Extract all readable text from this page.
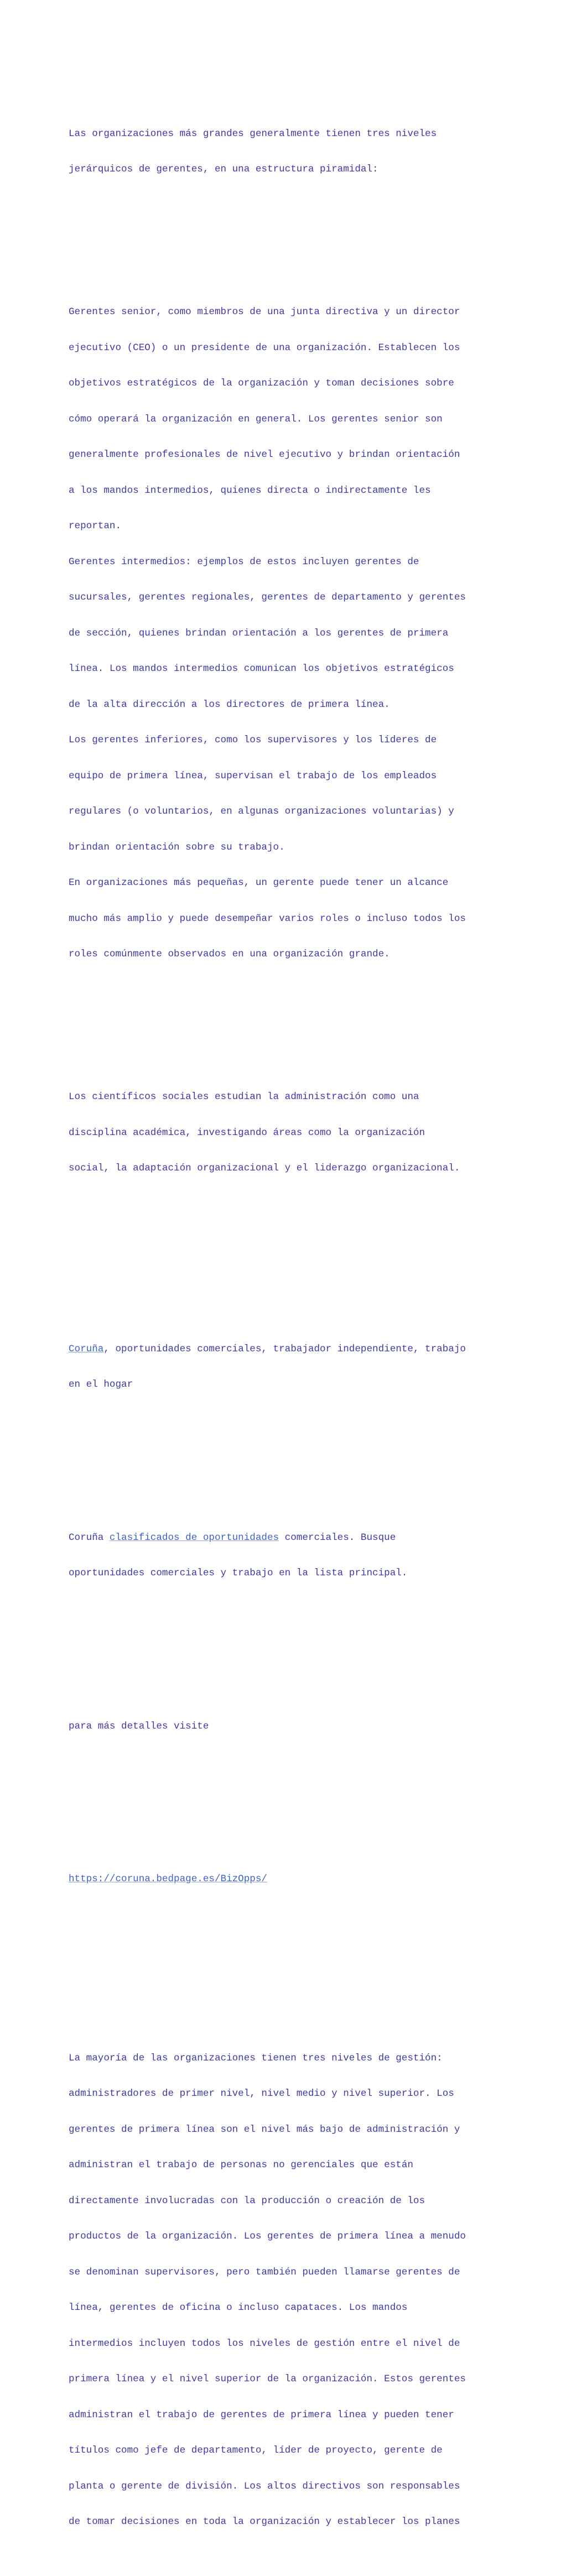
Las organizaciones más grandes generalmente tienen tres niveles

jerárquicos de gerentes, en una estructura piramidal:

Gerentes senior, como miembros de una junta directiva y un director

ejecutivo (CEO) o un presidente de una organización. Establecen los

objetivos estratégicos de la organización y toman decisiones sobre

cómo operará la organización en general. Los gerentes senior son

generalmente profesionales de nivel ejecutivo y brindan orientación

a los mandos intermedios, quienes directa o indirectamente les

reportan.

Gerentes intermedios: ejemplos de estos incluyen gerentes de

sucursales, gerentes regionales, gerentes de departamento y gerentes

de sección, quienes brindan orientación a los gerentes de primera

línea. Los mandos intermedios comunican los objetivos estratégicos

de la alta dirección a los directores de primera línea.

Los gerentes inferiores, como los supervisores y los líderes de

equipo de primera línea, supervisan el trabajo de los empleados

regulares (o voluntarios, en algunas organizaciones voluntarias) y

brindan orientación sobre su trabajo.

En organizaciones más pequeñas, un gerente puede tener un alcance

mucho más amplio y puede desempeñar varios roles o incluso todos los

roles comúnmente observados en una organización grande.

Los científicos sociales estudian la administración como una

disciplina académica, investigando áreas como la organización

social, la adaptación organizacional y el liderazgo organizacional.

Coruña, oportunidades comerciales, trabajador independiente, trabajo

en el hogar

Coruña clasificados de oportunidades comerciales. Busque

oportunidades comerciales y trabajo en la lista principal.

para más detalles visite

https://coruna.bedpage.es/BizOpps/

La mayoría de las organizaciones tienen tres niveles de gestión:

administradores de primer nivel, nivel medio y nivel superior. Los

gerentes de primera línea son el nivel más bajo de administración y

administran el trabajo de personas no gerenciales que están

directamente involucradas con la producción o creación de los

productos de la organización. Los gerentes de primera línea a menudo

se denominan supervisores, pero también pueden llamarse gerentes de

línea, gerentes de oficina o incluso capataces. Los mandos

intermedios incluyen todos los niveles de gestión entre el nivel de

primera línea y el nivel superior de la organización. Estos gerentes

administran el trabajo de gerentes de primera línea y pueden tener

títulos como jefe de departamento, líder de proyecto, gerente de

planta o gerente de división. Los altos directivos son responsables

de tomar decisiones en toda la organización y establecer los planes
